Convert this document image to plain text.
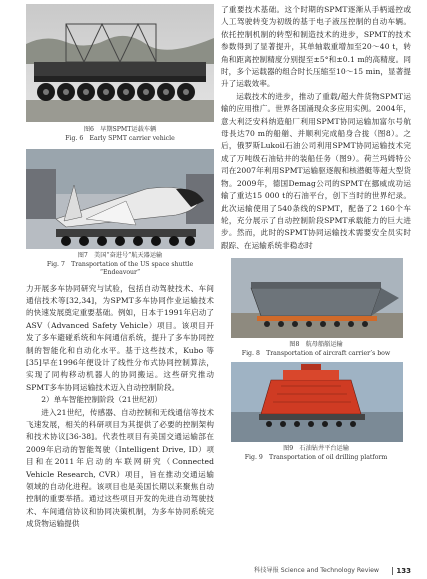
图6　早期SPMT运载车辆

Fig. 6　Early SPMT carrier vehicle

图7　美国“奋进号”航天器运输

Fig. 7　Transportation of the US space shuttle “Endeavour”

力开展多车协同研究与试验，包括自动驾驶技术、车间通信技术等[32,34]，为SPMT多车协同作业运输技术的快速发展奠定重要基础。例如，日本于1991年启动了ASV（Advanced Safety Vehicle）项目。该项目开发了多车避碰系统和车间通信系统，提升了多车协同控制的智能化和自动化水平。基于这些技术，Kubo 等[35]早在1996年便设计了线性分布式协同控制算法，实现了同构移动机器人的协同搬运。这些研究推动SPMT多车协同运输技术迈入自动控制阶段。

2）单车智能控制阶段（21世纪初）

进入21世纪，传感器、自动控制和无线通信等技术飞速发展，相关的科研项目为其提供了必要的控制架构和技术协议[36-38]。代表性项目有美国交通运输部在2009年启动的智能驾驶（Intelligent Drive, ID）项目和在2011年启动的车联网研究（Connected Vehicle Research, CVR）项目，旨在推动交通运输领域的自动化进程。该项目也是美国长期以来聚焦自动控制的重要举措。通过这些项目开发的先进自动驾驶技术、车间通信协议和协同决策机制，为多车协同系统完成货物运输提供

了重要技术基础。这个时期的SPMT逐渐从手柄遥控或人工驾驶转变为初级的基于电子液压控制的自动车辆。依托控制机制的转型和制造技术的进步，SPMT的技术参数得到了显著提升，其单轴载重增加至20～40 t，转角和距离控制精度分别提至±5°和±0.1 m的高精度。同时，多个运载器的组合时长压缩至10～15 min，显著提升了运载效率。

运载技术的进步，推动了重载/超大件货物SPMT运输的应用推广。世界各国涌现众多应用实例。2004年，意大利泛安科纳造船厂利用SPMT协同运输加富尔号航母長达70 m的船艏、并顺利完成船身合拢（图8）。之后，俄罗斯Lukoil石油公司利用SPMT协同运输技术完成了万吨级石油钻井的装船任务（图9）。荷兰玛姆特公司在2007年利用SPMT运输驱逐舰和核潜艇等超大型货物。2009年，德国Demag公司的SPMT在挪威成功运输了重达15 000 t的石油平台，创下当时的世界纪录。此次运输使用了540条线的SPMT，配备了2 160个车轮，充分展示了自动控制阶段SPMT承载能力的巨大进步。然而，此时的SPMT协同运输技术需要安全员实时跟踪、在运输系统非稳态时

图8　航母船艏运输

Fig. 8　Transportation of aircraft carrier’s bow

图9　石油钻井平台运输

Fig. 9　Transportation of oil drilling platform

科技导报 Science and Technology Review 133
